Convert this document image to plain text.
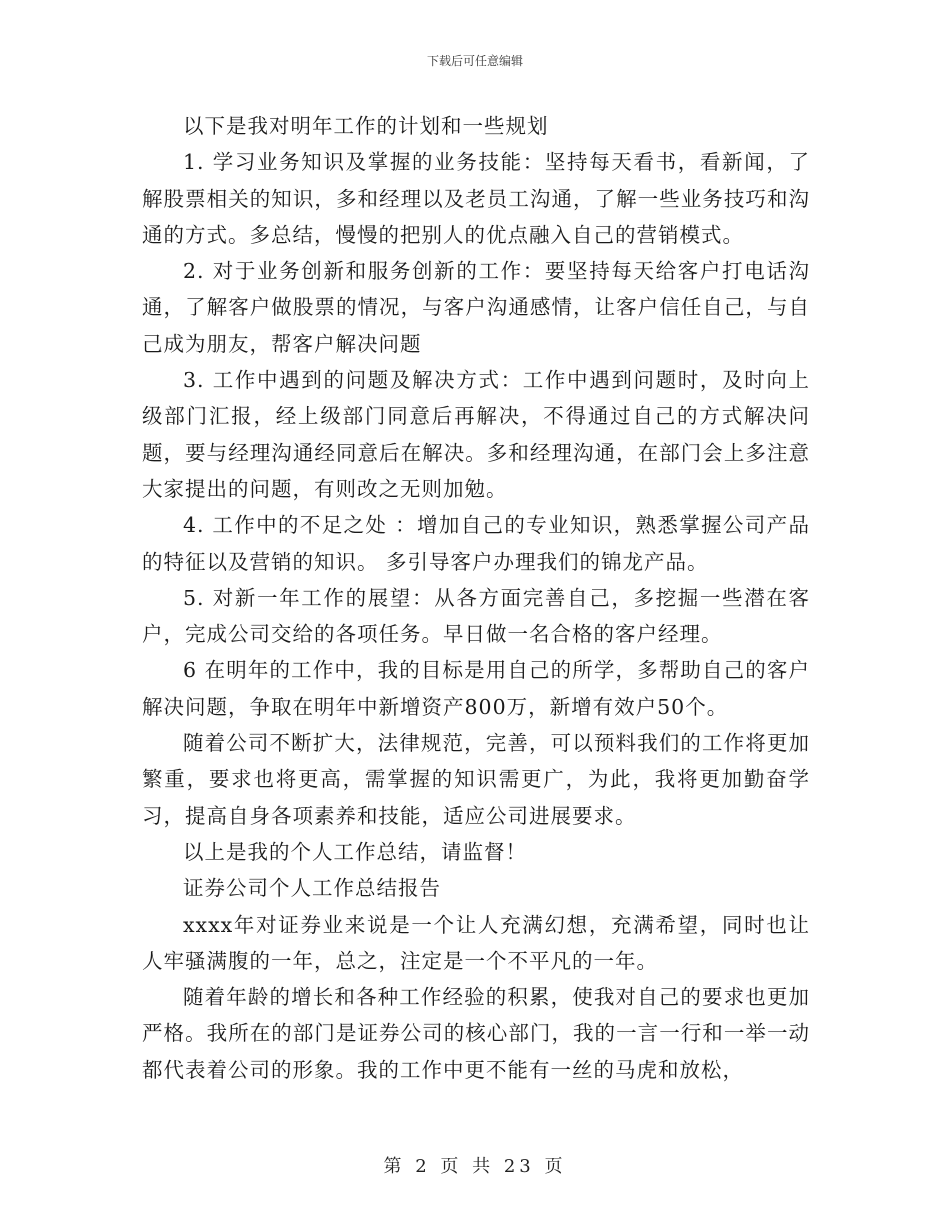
下载后可任意编辑

以下是我对明年工作的计划和一些规划

1. 学习业务知识及掌握的业务技能：坚持每天看书，看新闻，了解股票相关的知识，多和经理以及老员工沟通，了解一些业务技巧和沟通的方式。多总结，慢慢的把别人的优点融入自己的营销模式。

2. 对于业务创新和服务创新的工作：要坚持每天给客户打电话沟通，了解客户做股票的情况，与客户沟通感情，让客户信任自己，与自己成为朋友，帮客户解决问题

3. 工作中遇到的问题及解决方式：工作中遇到问题时，及时向上级部门汇报，经上级部门同意后再解决，不得通过自己的方式解决问题，要与经理沟通经同意后在解决。多和经理沟通，在部门会上多注意大家提出的问题，有则改之无则加勉。

4. 工作中的不足之处 ：增加自己的专业知识，熟悉掌握公司产品的特征以及营销的知识。 多引导客户办理我们的锦龙产品。

5. 对新一年工作的展望：从各方面完善自己，多挖掘一些潜在客户，完成公司交给的各项任务。早日做一名合格的客户经理。

6 在明年的工作中，我的目标是用自己的所学，多帮助自己的客户解决问题，争取在明年中新增资产800万，新增有效户50个。

随着公司不断扩大，法律规范，完善，可以预料我们的工作将更加繁重，要求也将更高，需掌握的知识需更广，为此，我将更加勤奋学习，提高自身各项素养和技能，适应公司进展要求。

以上是我的个人工作总结，请监督！

证券公司个人工作总结报告

xxxx年对证券业来说是一个让人充满幻想，充满希望，同时也让人牢骚满腹的一年，总之，注定是一个不平凡的一年。

随着年龄的增长和各种工作经验的积累，使我对自己的要求也更加严格。我所在的部门是证券公司的核心部门，我的一言一行和一举一动都代表着公司的形象。我的工作中更不能有一丝的马虎和放松，

第 2 页 共 23 页
